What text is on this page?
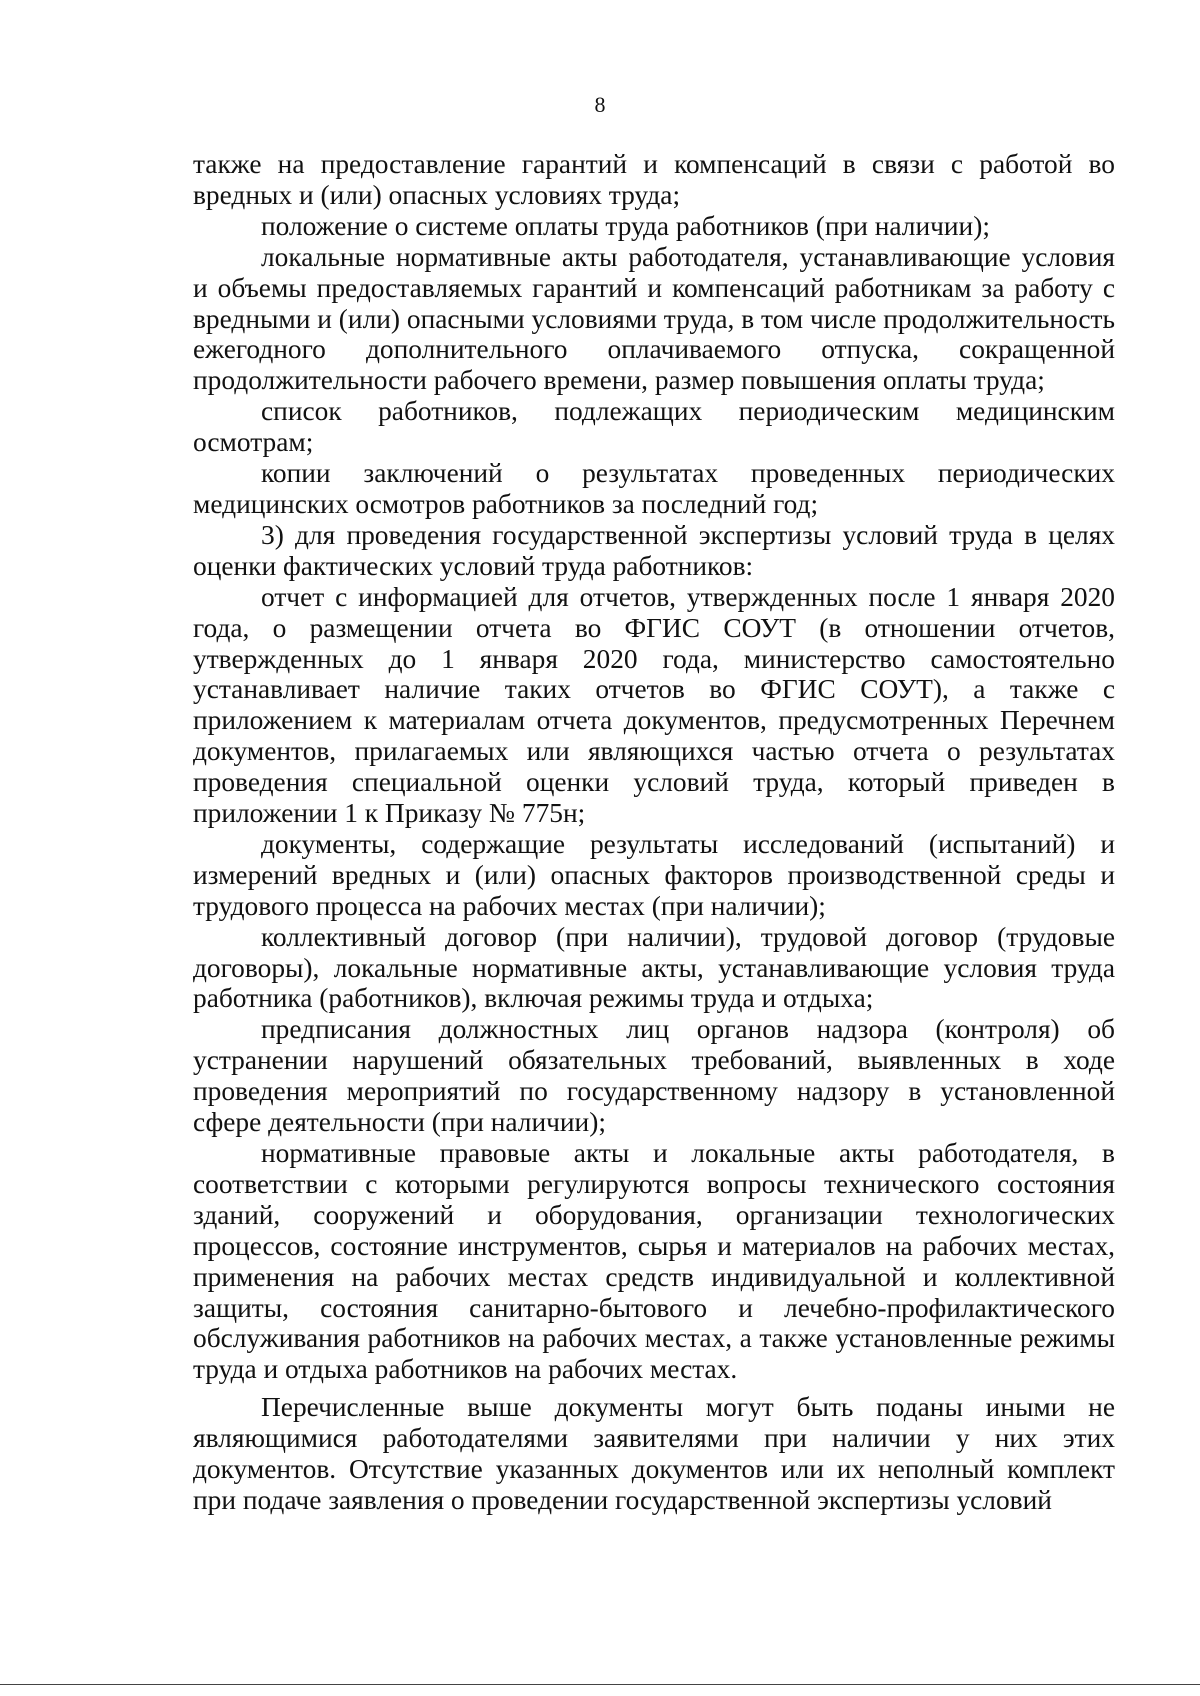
8

также на предоставление гарантий и компенсаций в связи с работой во вредных и (или) опасных условиях труда;

положение о системе оплаты труда работников (при наличии);

локальные нормативные акты работодателя, устанавливающие условия и объемы предоставляемых гарантий и компенсаций работникам за работу с вредными и (или) опасными условиями труда, в том числе продолжительность ежегодного дополнительного оплачиваемого отпуска, сокращенной продолжительности рабочего времени, размер повышения оплаты труда;

список работников, подлежащих периодическим медицинским осмотрам;

копии заключений о результатах проведенных периодических медицинских осмотров работников за последний год;

3) для проведения государственной экспертизы условий труда в целях оценки фактических условий труда работников:

отчет с информацией для отчетов, утвержденных после 1 января 2020 года, о размещении отчета во ФГИС СОУТ (в отношении отчетов, утвержденных до 1 января 2020 года, министерство самостоятельно устанавливает наличие таких отчетов во ФГИС СОУТ), а также с приложением к материалам отчета документов, предусмотренных Перечнем документов, прилагаемых или являющихся частью отчета о результатах проведения специальной оценки условий труда, который приведен в приложении 1 к Приказу № 775н;

документы, содержащие результаты исследований (испытаний) и измерений вредных и (или) опасных факторов производственной среды и трудового процесса на рабочих местах (при наличии);

коллективный договор (при наличии), трудовой договор (трудовые договоры), локальные нормативные акты, устанавливающие условия труда работника (работников), включая режимы труда и отдыха;

предписания должностных лиц органов надзора (контроля) об устранении нарушений обязательных требований, выявленных в ходе проведения мероприятий по государственному надзору в установленной сфере деятельности (при наличии);

нормативные правовые акты и локальные акты работодателя, в соответствии с которыми регулируются вопросы технического состояния зданий, сооружений и оборудования, организации технологических процессов, состояние инструментов, сырья и материалов на рабочих местах, применения на рабочих местах средств индивидуальной и коллективной защиты, состояния санитарно-бытового и лечебно-профилактического обслуживания работников на рабочих местах, а также установленные режимы труда и отдыха работников на рабочих местах.

Перечисленные выше документы могут быть поданы иными не являющимися работодателями заявителями при наличии у них этих документов. Отсутствие указанных документов или их неполный комплект при подаче заявления о проведении государственной экспертизы условий
